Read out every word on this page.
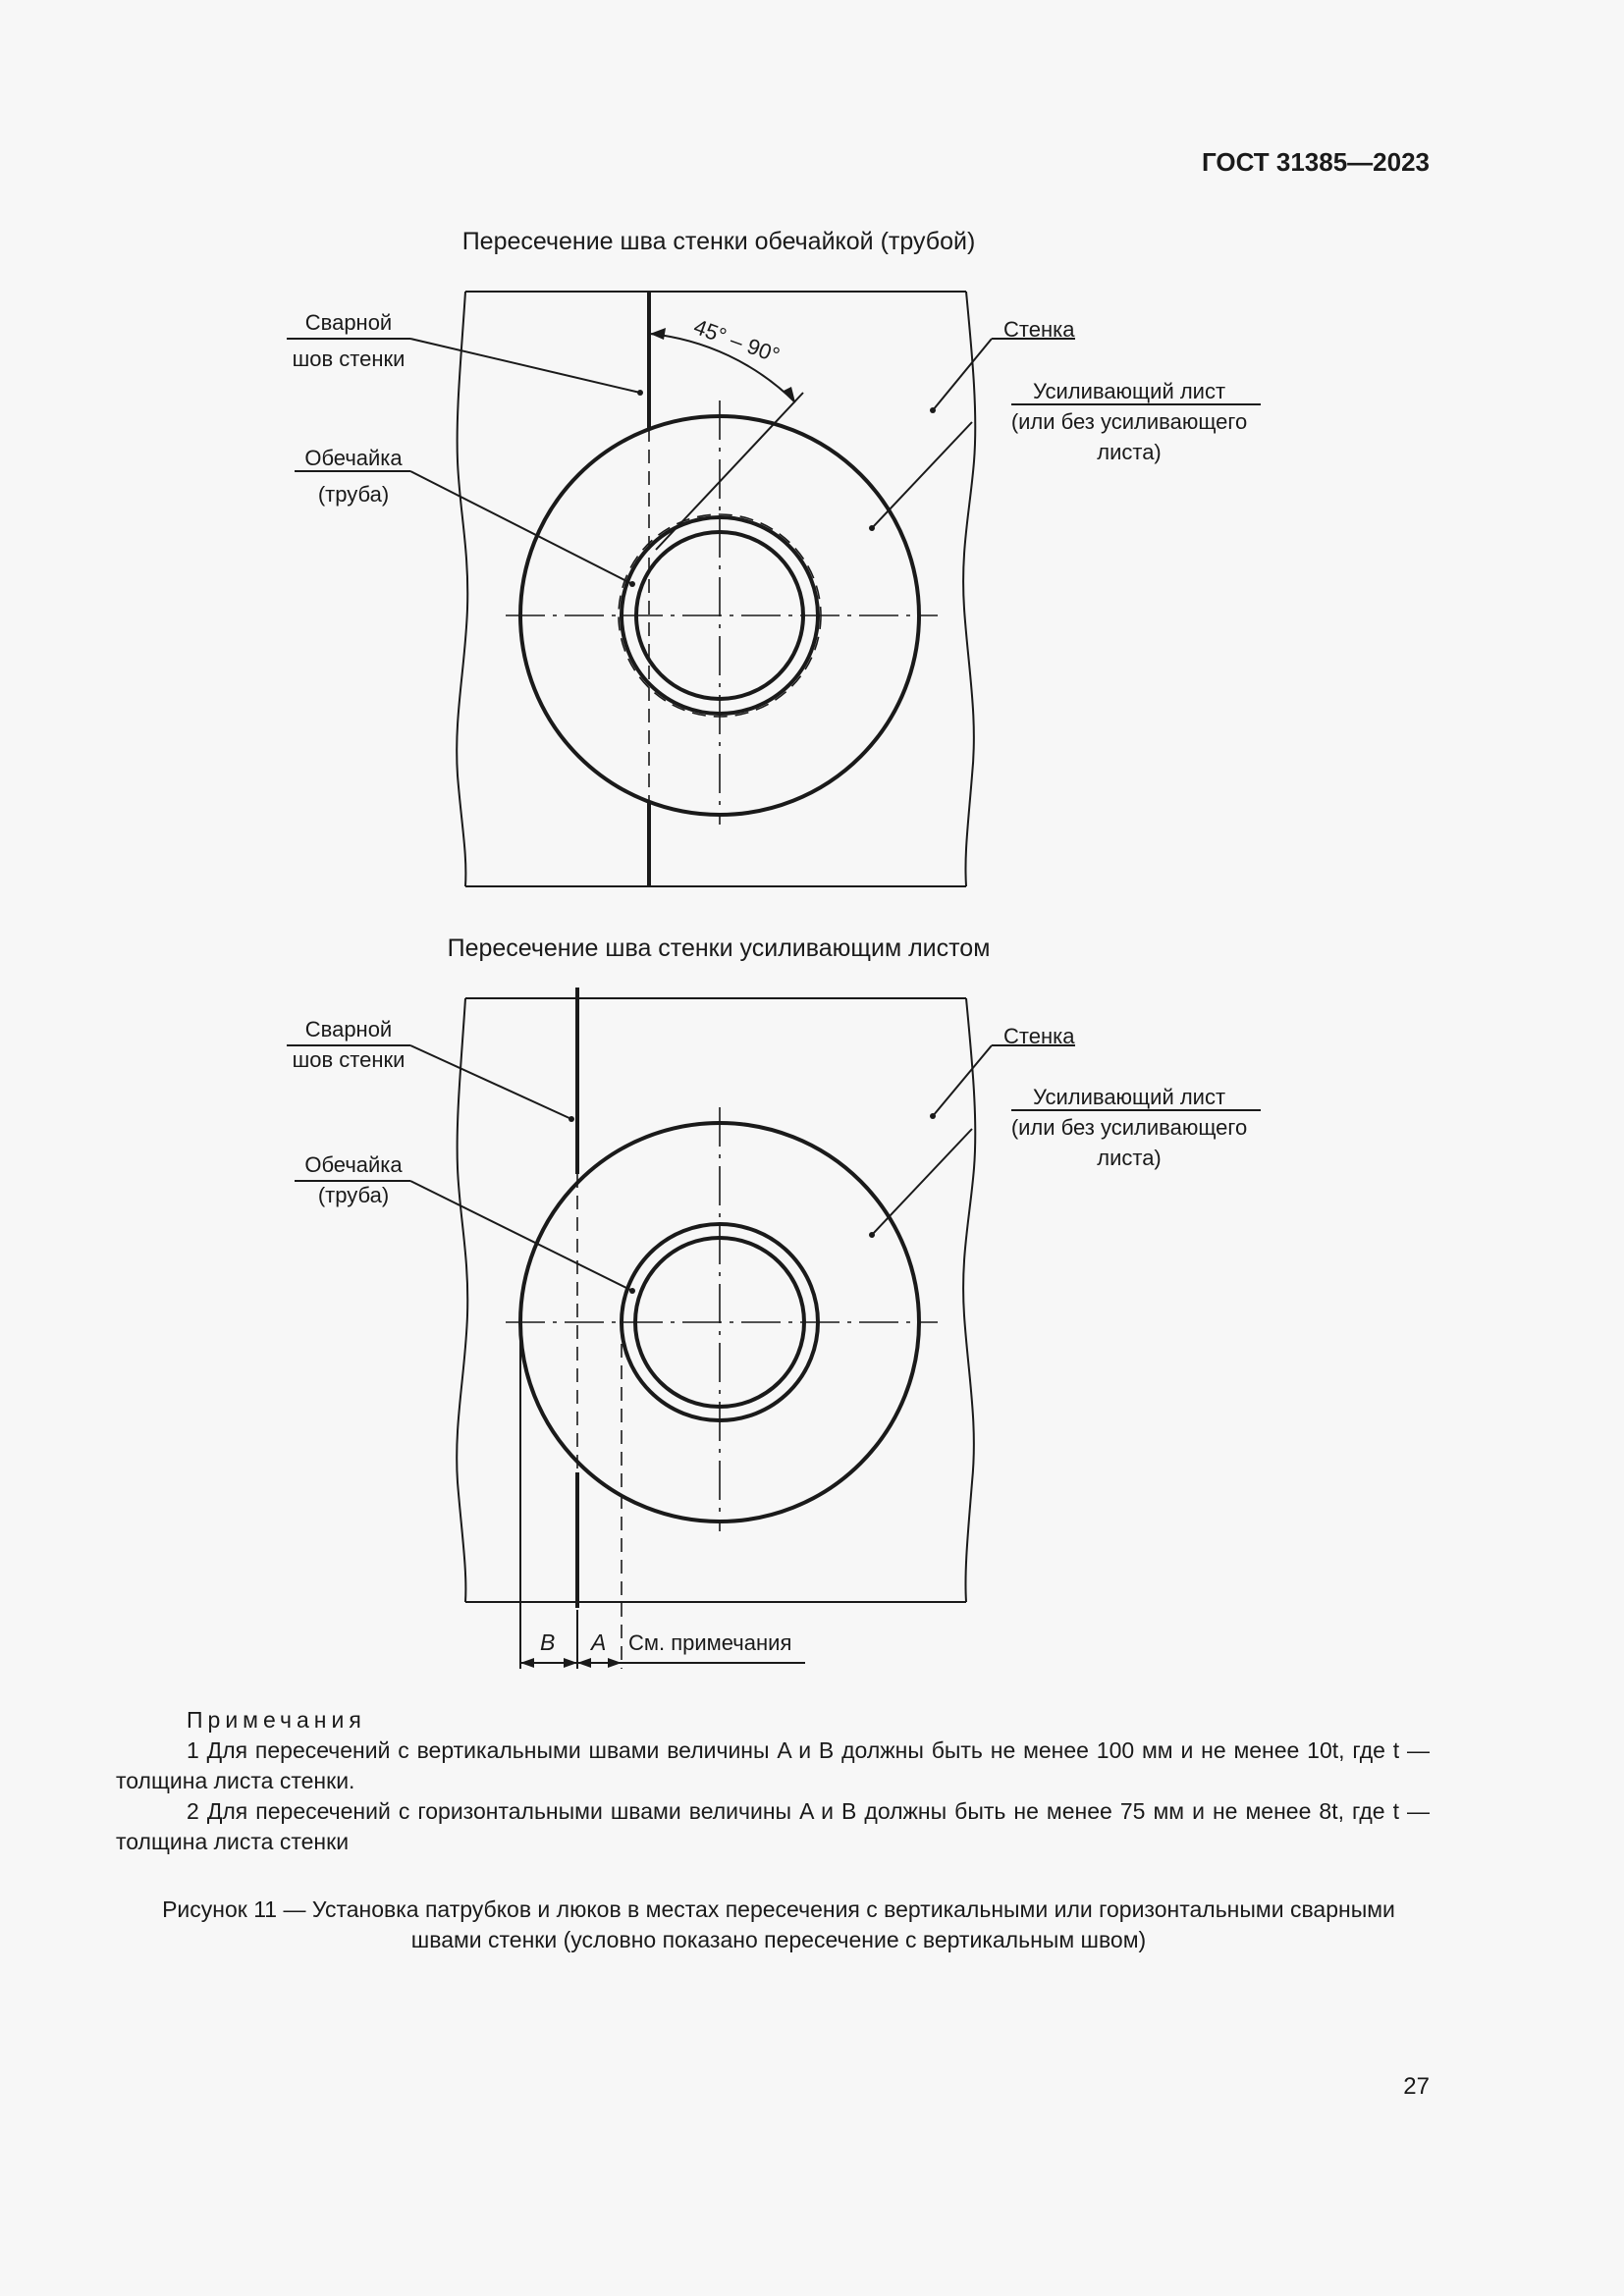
ГОСТ 31385—2023
Пересечение шва стенки обечайкой (трубой)
45° – 90°
Сварной
шов стенки
Обечайка
(труба)
Стенка
Усиливающий лист
(или без усиливающего
листа)
Пересечение шва стенки усиливающим листом
Сварной
шов стенки
Обечайка
(труба)
Стенка
Усиливающий лист
(или без усиливающего
листа)
B A См. примечания
Примечания

1 Для пересечений с вертикальными швами величины A и B должны быть не менее 100 мм и не менее 10t, где t — толщина листа стенки.

2 Для пересечений с горизонтальными швами величины A и B должны быть не менее 75 мм и не менее 8t, где t — толщина листа стенки

Рисунок 11 — Установка патрубков и люков в местах пересечения с вертикальными или горизонтальными сварными швами стенки (условно показано пересечение с вертикальным швом)
27
